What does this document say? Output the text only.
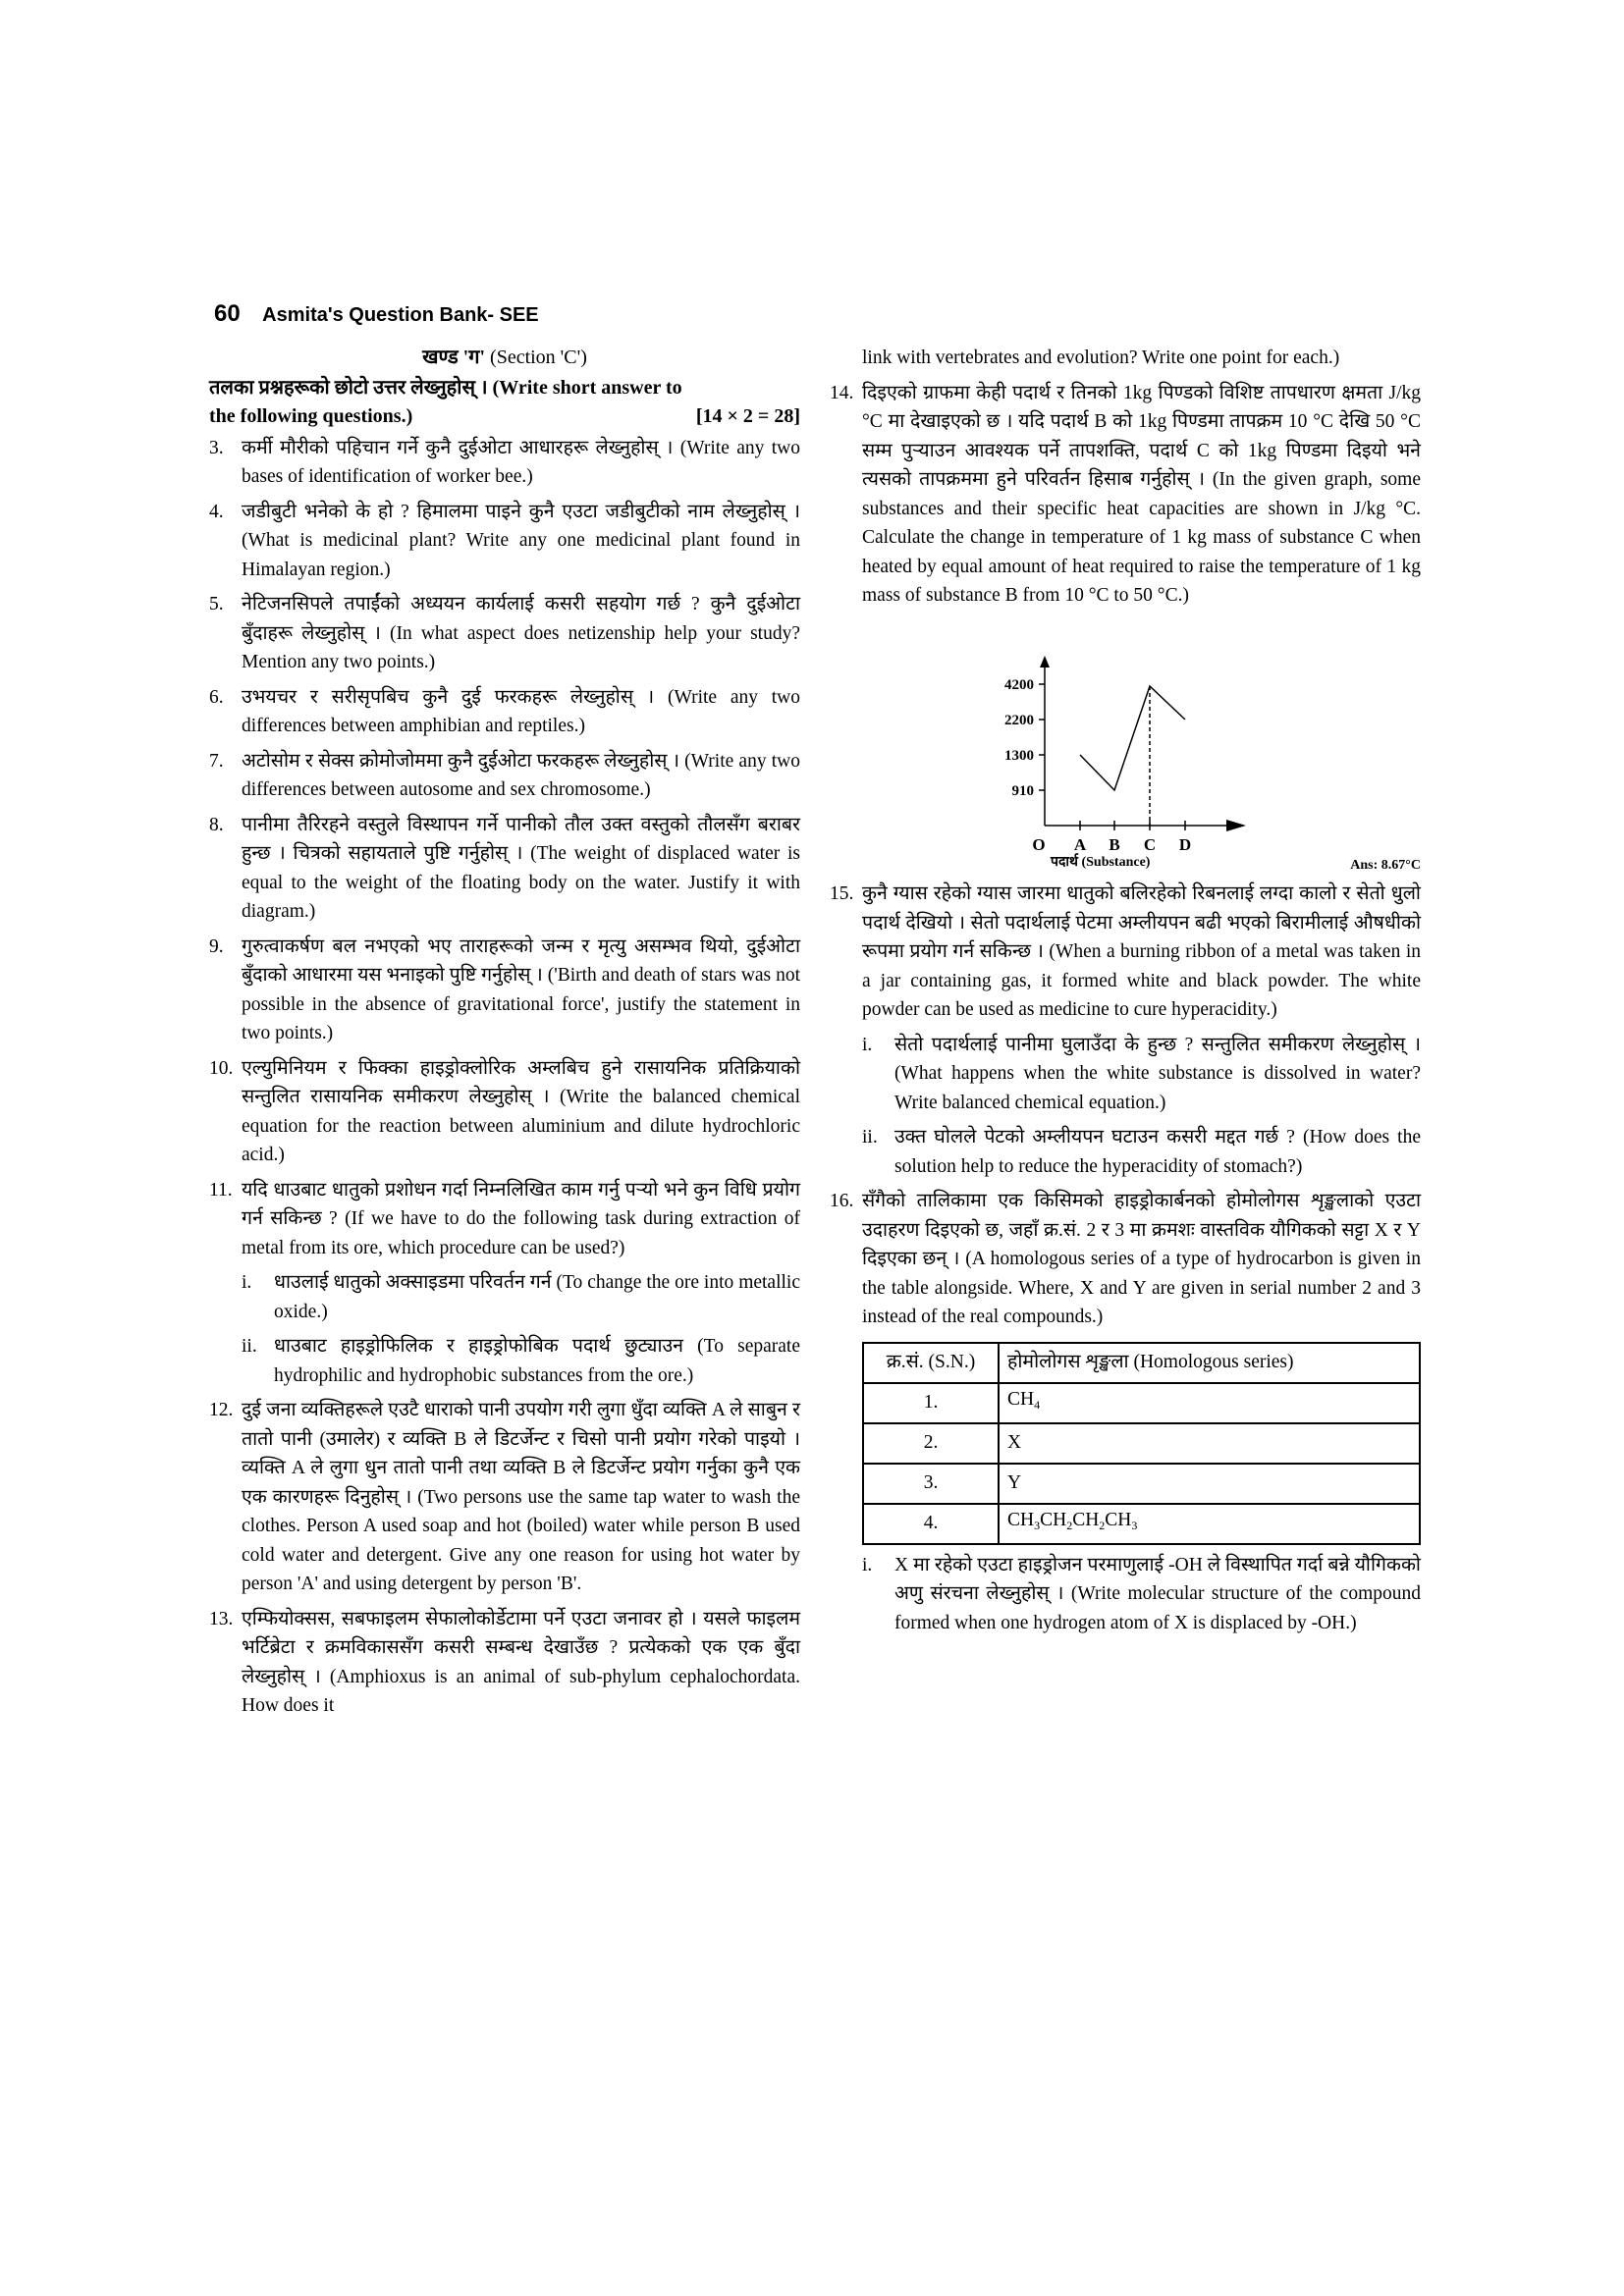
60 Asmita's Question Bank- SEE
खण्ड 'ग' (Section 'C')
तलका प्रश्नहरूको छोटो उत्तर लेख्नुहोस् । (Write short answer to
the following questions.)	[14 × 2 = 28]
3. कर्मी मौरीको पहिचान गर्ने कुनै दुईओटा आधारहरू लेख्नुहोस् । (Write any two bases of identification of worker bee.)
4. जडीबुटी भनेको के हो ? हिमालमा पाइने कुनै एउटा जडीबुटीको नाम लेख्नुहोस् । (What is medicinal plant? Write any one medicinal plant found in Himalayan region.)
5. नेटिजनसिपले तपाईंको अध्ययन कार्यलाई कसरी सहयोग गर्छ ? कुनै दुईओटा बुँदाहरू लेख्नुहोस् । (In what aspect does netizenship help your study? Mention any two points.)
6. उभयचर र सरीसृपबिच कुनै दुई फरकहरू लेख्नुहोस् । (Write any two differences between amphibian and reptiles.)
7. अटोसोम र सेक्स क्रोमोजोममा कुनै दुईओटा फरकहरू लेख्नुहोस् । (Write any two differences between autosome and sex chromosome.)
8. पानीमा तैरिरहने वस्तुले विस्थापन गर्ने पानीको तौल उक्त वस्तुको तौलसँग बराबर हुन्छ । चित्रको सहायताले पुष्टि गर्नुहोस् । (The weight of displaced water is equal to the weight of the floating body on the water. Justify it with diagram.)
9. गुरुत्वाकर्षण बल नभएको भए ताराहरूको जन्म र मृत्यु असम्भव थियो, दुईओटा बुँदाको आधारमा यस भनाइको पुष्टि गर्नुहोस् । ('Birth and death of stars was not possible in the absence of gravitational force', justify the statement in two points.)
10. एल्युमिनियम र फिक्का हाइड्रोक्लोरिक अम्लबिच हुने रासायनिक प्रतिक्रियाको सन्तुलित रासायनिक समीकरण लेख्नुहोस् । (Write the balanced chemical equation for the reaction between aluminium and dilute hydrochloric acid.)
11. यदि धाउबाट धातुको प्रशोधन गर्दा निम्नलिखित काम गर्नु पर्‍यो भने कुन विधि प्रयोग गर्न सकिन्छ ? (If we have to do the following task during extraction of metal from its ore, which procedure can be used?)
i.	धाउलाई धातुको अक्साइडमा परिवर्तन गर्न (To change the ore into metallic oxide.)
ii. धाउबाट हाइड्रोफिलिक र हाइड्रोफोबिक पदार्थ छुट्याउन (To separate hydrophilic and hydrophobic substances from the ore.)
12. दुई जना व्यक्तिहरूले एउटै धाराको पानी उपयोग गरी लुगा धुँदा व्यक्ति A ले साबुन र तातो पानी (उमालेर) र व्यक्ति B ले डिटर्जेन्ट र चिसो पानी प्रयोग गरेको पाइयो । व्यक्ति A ले लुगा धुन तातो पानी तथा व्यक्ति B ले डिटर्जेन्ट प्रयोग गर्नुका कुनै एक एक कारणहरू दिनुहोस् । (Two persons use the same tap water to wash the clothes. Person A used soap and hot (boiled) water while person B used cold water and detergent. Give any one reason for using hot water by person 'A' and using detergent by person 'B'.
13. एम्फियोक्सस, सबफाइलम सेफालोकोर्डेटामा पर्ने एउटा जनावर हो । यसले फाइलम भर्टिब्रेटा र क्रमविकाससँग कसरी सम्बन्ध देखाउँछ ? प्रत्येकको एक एक बुँदा लेख्नुहोस् । (Amphioxus is an animal of sub-phylum cephalochordata. How does it
link with vertebrates and evolution? Write one point for each.)
14. दिइएको ग्राफमा केही पदार्थ र तिनको 1kg पिण्डको विशिष्ट तापधारण क्षमता J/kg °C मा देखाइएको छ । यदि पदार्थ B को 1kg पिण्डमा तापक्रम 10 °C देखि 50 °C सम्म पुर्‍याउन आवश्यक पर्ने तापशक्ति, पदार्थ C को 1kg पिण्डमा दिइयो भने त्यसको तापक्रममा हुने परिवर्तन हिसाब गर्नुहोस् । (In the given graph, some substances and their specific heat capacities are shown in J/kg °C. Calculate the change in temperature of 1 kg mass of substance C when heated by equal amount of heat required to raise the temperature of 1 kg mass of substance B from 10 °C to 50 °C.)
4200
2200
1300
910
O A B C D
पदार्थ (Substance)	Ans: 8.67°C
15. कुनै ग्यास रहेको ग्यास जारमा धातुको बलिरहेको रिबनलाई लग्दा कालो र सेतो धुलो पदार्थ देखियो । सेतो पदार्थलाई पेटमा अम्लीयपन बढी भएको बिरामीलाई औषधीको रूपमा प्रयोग गर्न सकिन्छ । (When a burning ribbon of a metal was taken in a jar containing gas, it formed white and black powder. The white powder can be used as medicine to cure hyperacidity.)
i.	सेतो पदार्थलाई पानीमा घुलाउँदा के हुन्छ ? सन्तुलित समीकरण लेख्नुहोस् । (What happens when the white substance is dissolved in water? Write balanced chemical equation.)
ii. उक्त घोलले पेटको अम्लीयपन घटाउन कसरी मद्दत गर्छ ? (How does the solution help to reduce the hyperacidity of stomach?)
16. सँगैको तालिकामा एक किसिमको हाइड्रोकार्बनको होमोलोगस शृङ्खलाको एउटा उदाहरण दिइएको छ, जहाँ क्र.सं. 2 र 3 मा क्रमशः वास्तविक यौगिकको सट्टा X र Y दिइएका छन् । (A homologous series of a type of hydrocarbon is given in the table alongside. Where, X and Y are given in serial number 2 and 3 instead of the real compounds.)
क्र.सं. (S.N.)	होमोलोगस शृङ्खला (Homologous series)
1.	$CH_4$
2.	X
3.	Y
4.	$CH_3CH_2CH_2CH_3$
i.	X मा रहेको एउटा हाइड्रोजन परमाणुलाई -OH ले विस्थापित गर्दा बन्ने यौगिकको अणु संरचना लेख्नुहोस् । (Write molecular structure of the compound formed when one hydrogen atom of X is displaced by -OH.)
